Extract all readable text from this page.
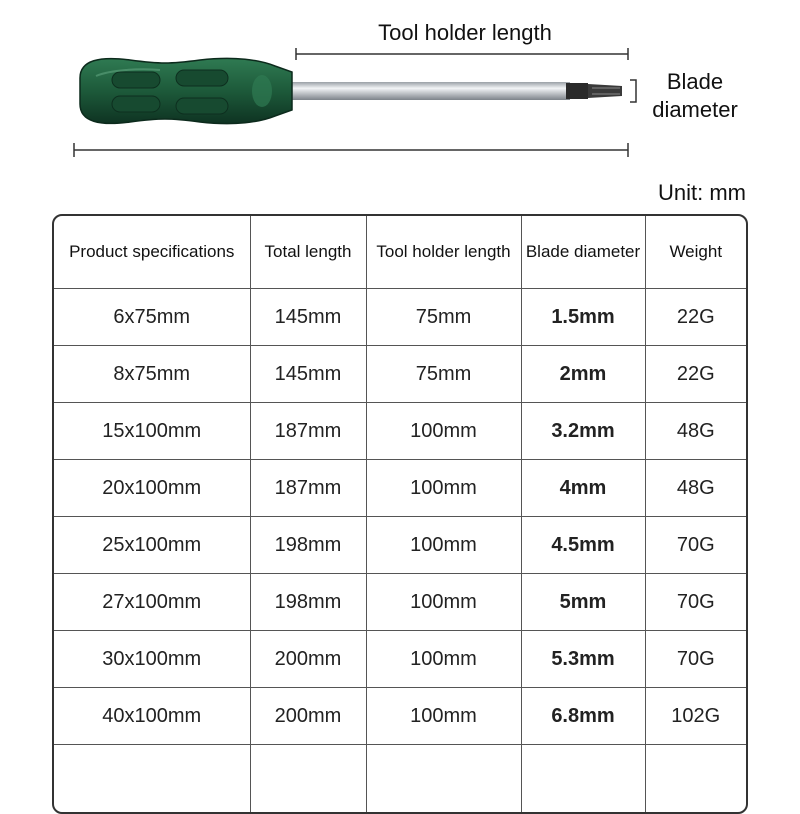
Tool holder length
Blade
diameter
Unit: mm
Product specifications	Total length	Tool holder length	Blade diameter	Weight
6x75mm	145mm	75mm	1.5mm	22G
8x75mm	145mm	75mm	2mm	22G
15x100mm	187mm	100mm	3.2mm	48G
20x100mm	187mm	100mm	4mm	48G
25x100mm	198mm	100mm	4.5mm	70G
27x100mm	198mm	100mm	5mm	70G
30x100mm	200mm	100mm	5.3mm	70G
40x100mm	200mm	100mm	6.8mm	102G
